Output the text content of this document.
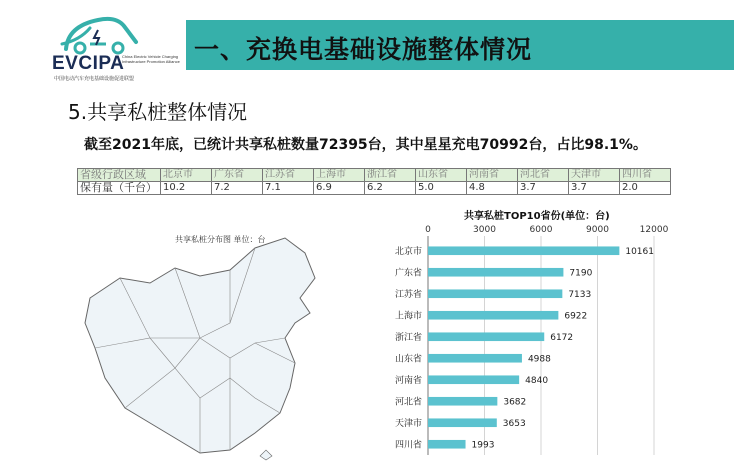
EVCIPA
China Electric Vehicle Charging Infrastructure Promotion Alliance
中国电动汽车充电基础设施促进联盟
一、充换电基础设施整体情况
5.共享私桩整体情况
截至2021年底，已统计共享私桩数量72395台，其中星星充电70992台，占比98.1%。
省级行政区域	北京市	广东省	江苏省	上海市	浙江省	山东省	河南省	河北省	天津市	四川省
保有量（千台）	10.2	7.2	7.1	6.9	6.2	5.0	4.8	3.7	3.7	2.0
共享私桩分布图 单位：台
共享私桩TOP10省份(单位：台)
0	3000	6000	9000	12000
北京市	10161
广东省	7190
江苏省	7133
上海市	6922
浙江省	6172
山东省	4988
河南省	4840
河北省	3682
天津市	3653
四川省	1993
